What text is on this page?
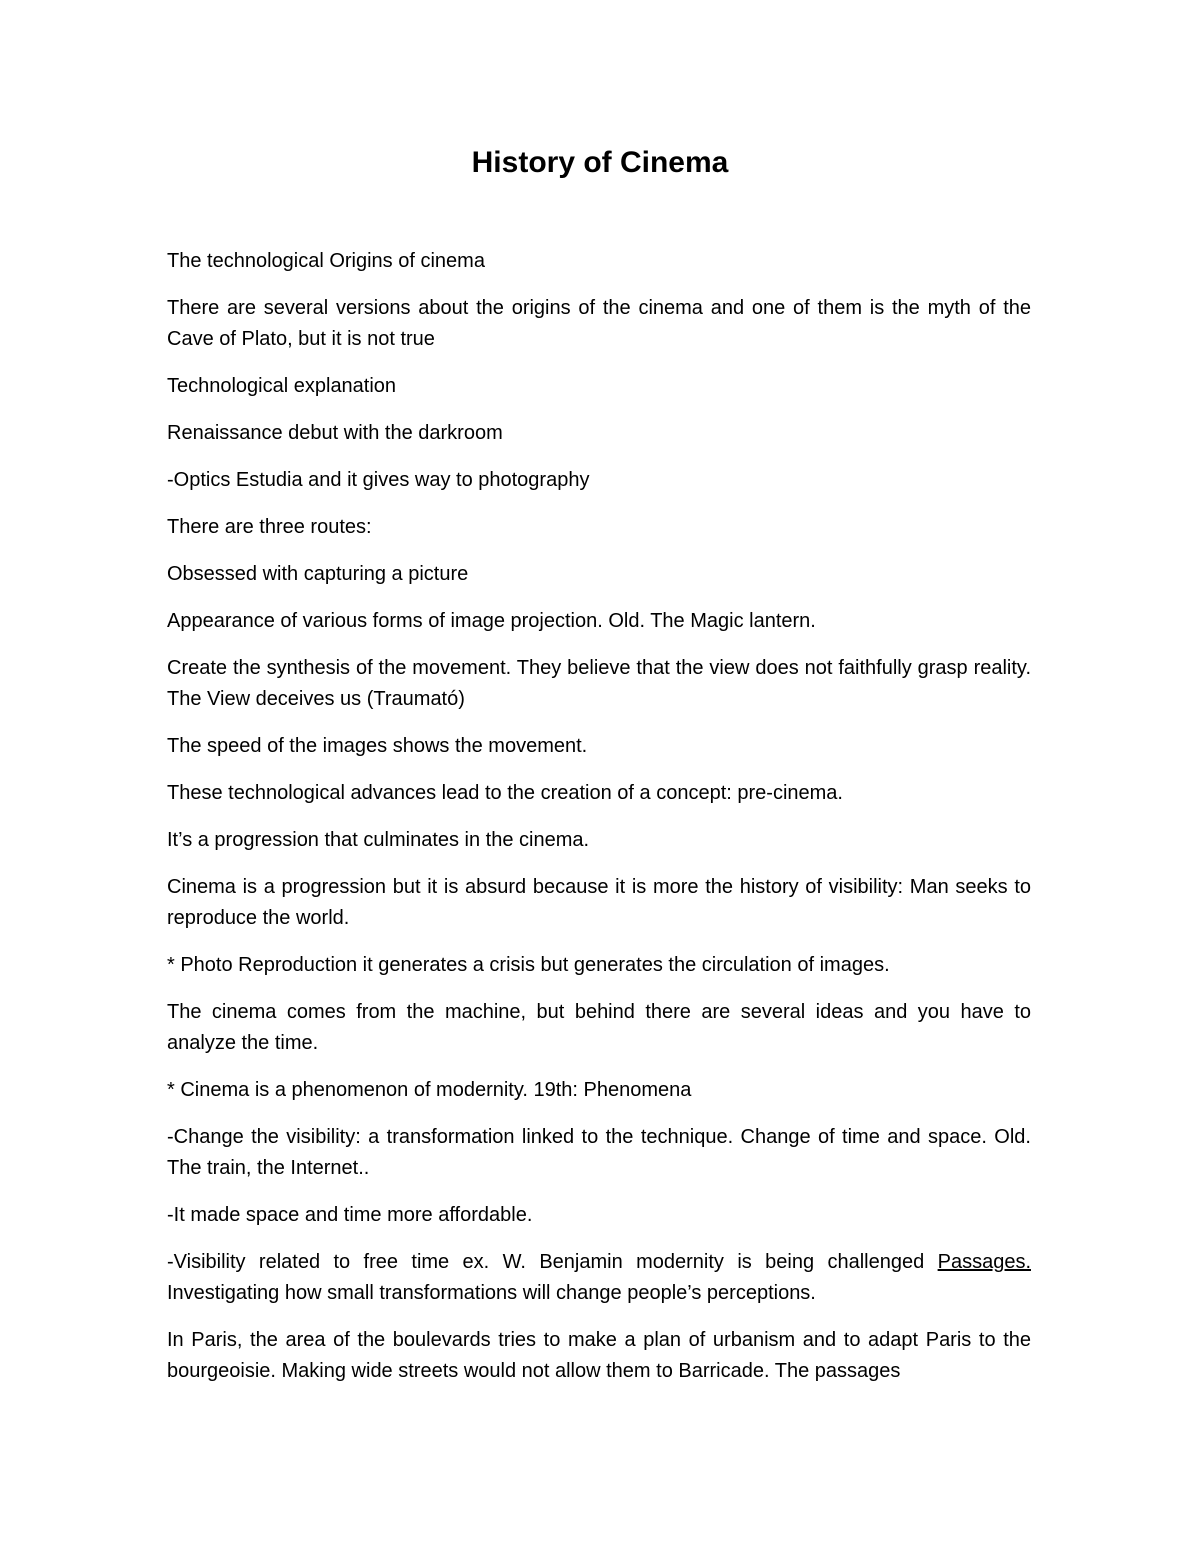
History of Cinema

The technological Origins of cinema

There are several versions about the origins of the cinema and one of them is the myth of the Cave of Plato, but it is not true

Technological explanation

Renaissance debut with the darkroom

-Optics Estudia and it gives way to photography

There are three routes:

Obsessed with capturing a picture

Appearance of various forms of image projection. Old. The Magic lantern.

Create the synthesis of the movement. They believe that the view does not faithfully grasp reality. The View deceives us (Traumató)

The speed of the images shows the movement.

These technological advances lead to the creation of a concept: pre-cinema.

It’s a progression that culminates in the cinema.

Cinema is a progression but it is absurd because it is more the history of visibility: Man seeks to reproduce the world.

* Photo Reproduction it generates a crisis but generates the circulation of images.

The cinema comes from the machine, but behind there are several ideas and you have to analyze the time.

* Cinema is a phenomenon of modernity. 19th: Phenomena

-Change the visibility: a transformation linked to the technique. Change of time and space. Old. The train, the Internet..

-It made space and time more affordable.

-Visibility related to free time ex. W. Benjamin modernity is being challenged Passages. Investigating how small transformations will change people’s perceptions.

In Paris, the area of the boulevards tries to make a plan of urbanism and to adapt Paris to the bourgeoisie. Making wide streets would not allow them to Barricade. The passages
